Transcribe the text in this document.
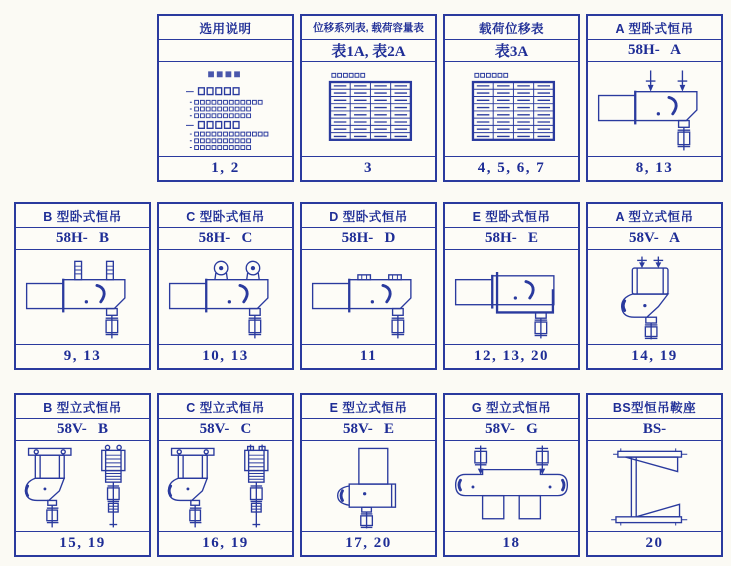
选用说明
1, 2
位移系列表, 载荷容量表
表1A, 表2A
3
载荷位移表
表3A
4, 5, 6, 7
A 型卧式恒吊
58H-   A
8, 13
B 型卧式恒吊
58H-   B
9, 13
C 型卧式恒吊
58H-   C
10, 13
D 型卧式恒吊
58H-   D
11
E 型卧式恒吊
58H-   E
12, 13, 20
A 型立式恒吊
58V-   A
14, 19
B 型立式恒吊
58V-   B
15, 19
C 型立式恒吊
58V-   C
16, 19
E 型立式恒吊
58V-   E
17, 20
G 型立式恒吊
58V-   G
18
BS型恒吊鞍座
BS-
20
